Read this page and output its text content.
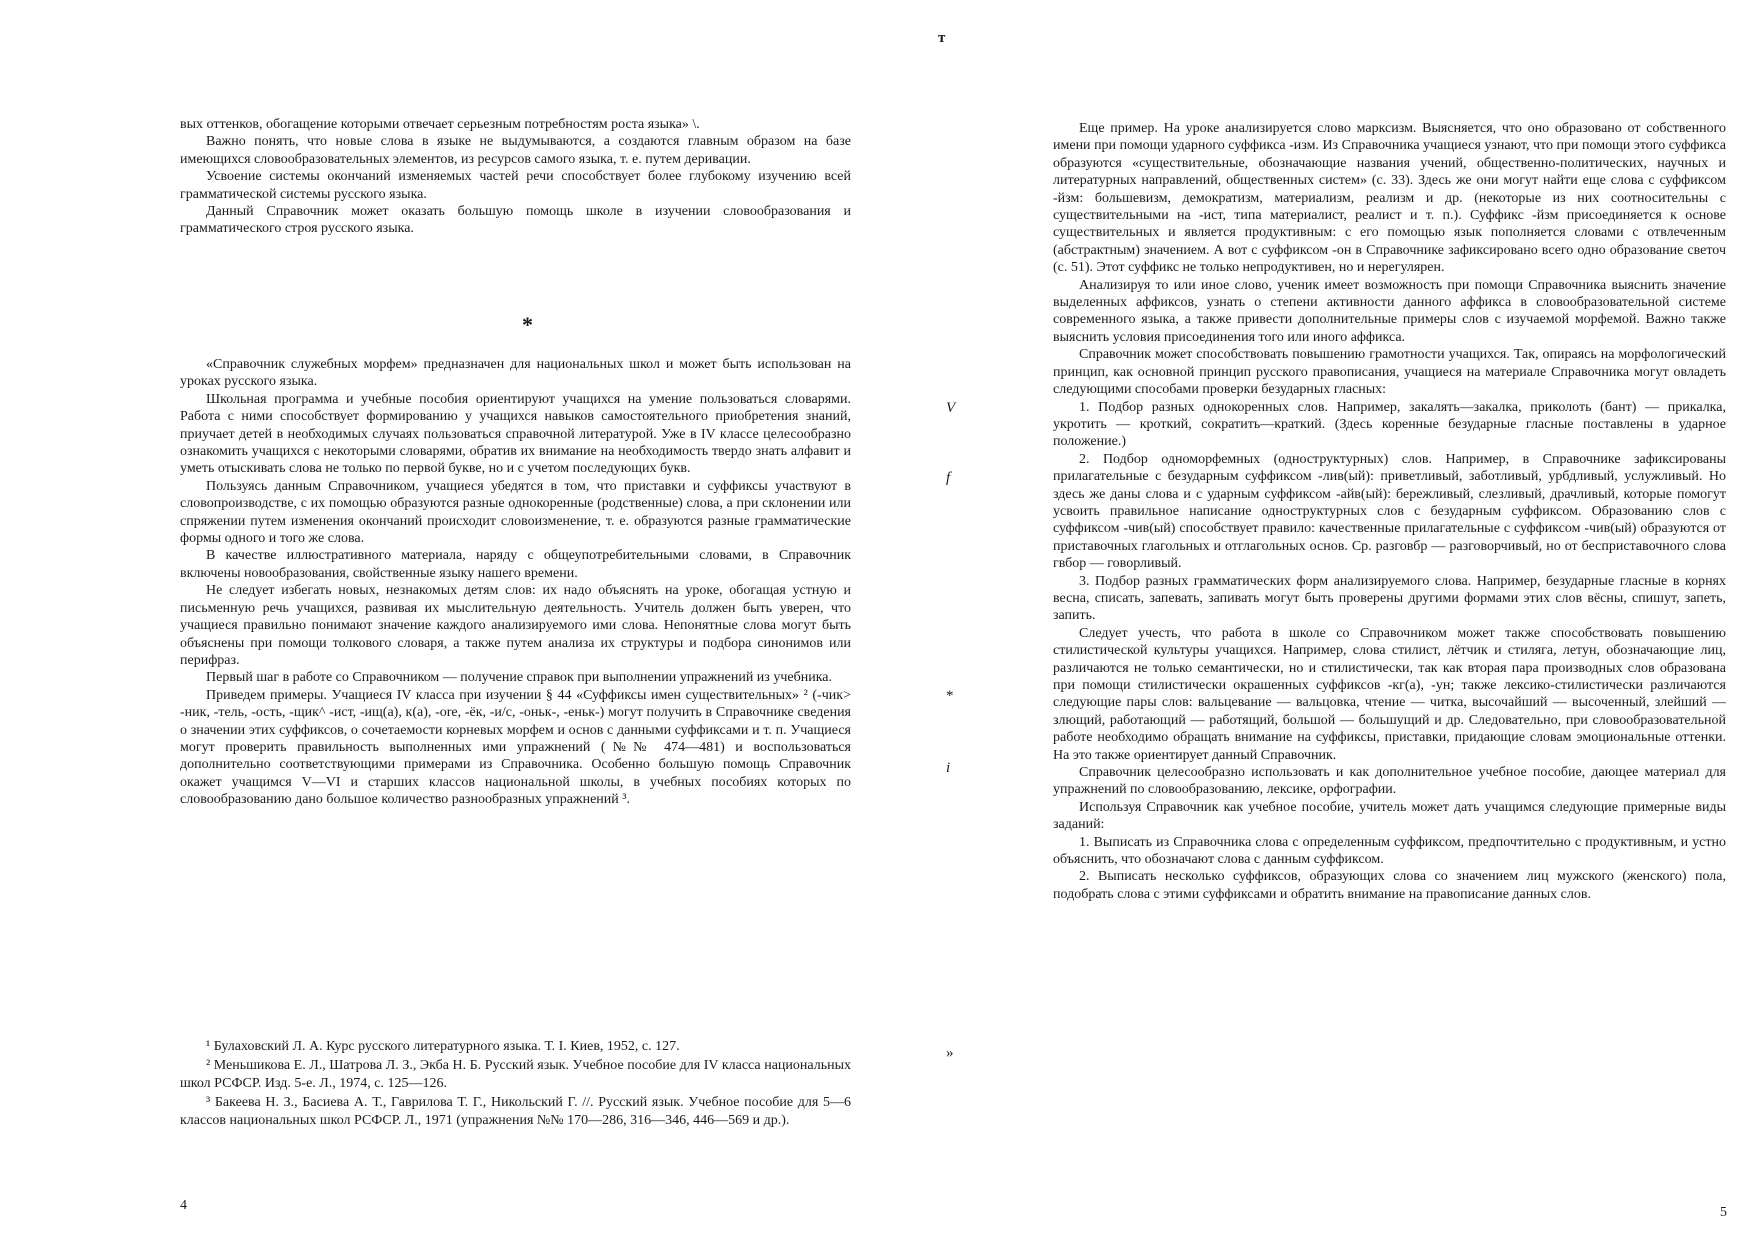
вых оттенков, обогащение которыми отвечает серьезным потребностям роста языка» \.

Важно понять, что новые слова в языке не выдумываются, а создаются главным образом на базе имеющихся словообразовательных элементов, из ресурсов самого языка, т. е. путем деривации.

Усвоение системы окончаний изменяемых частей речи способствует более глубокому изучению всей грамматической системы русского языка.

Данный Справочник может оказать большую помощь школе в изучении словообразования и грамматического строя русского языка.

*

«Справочник служебных морфем» предназначен для национальных школ и может быть использован на уроках русского языка.

Школьная программа и учебные пособия ориентируют учащихся на умение пользоваться словарями. Работа с ними способствует формированию у учащихся навыков самостоятельного приобретения знаний, приучает детей в необходимых случаях пользоваться справочной литературой. Уже в IV классе целесообразно ознакомить учащихся с некоторыми словарями, обратив их внимание на необходимость твердо знать алфавит и уметь отыскивать слова не только по первой букве, но и с учетом последующих букв.

Пользуясь данным Справочником, учащиеся убедятся в том, что приставки и суффиксы участвуют в словопроизводстве, с их помощью образуются разные однокоренные (родственные) слова, а при склонении или спряжении путем изменения окончаний происходит словоизменение, т. е. образуются разные грамматические формы одного и того же слова.

В качестве иллюстративного материала, наряду с общеупотребительными словами, в Справочник включены новообразования, свойственные языку нашего времени.

Не следует избегать новых, незнакомых детям слов: их надо объяснять на уроке, обогащая устную и письменную речь учащихся, развивая их мыслительную деятельность. Учитель должен быть уверен, что учащиеся правильно понимают значение каждого анализируемого ими слова. Непонятные слова могут быть объяснены при помощи толкового словаря, а также путем анализа их структуры и подбора синонимов или перифраз.

Первый шаг в работе со Справочником — получение справок при выполнении упражнений из учебника.

Приведем примеры. Учащиеся IV класса при изучении § 44 «Суффиксы имен существительных» ² (-чик> -ник, -тель, -ость, -щик^ -ист, -ищ(а), к(а), -ore, -ёк, -и/с, -оньк-, -еньк-) могут получить в Справочнике сведения о значении этих суффиксов, о сочетаемости корневых морфем и основ с данными суффиксами и т. п. Учащиеся могут проверить правильность выполненных ими упражнений (№№ 474—481) и воспользоваться дополнительно соответствующими примерами из Справочника. Особенно большую помощь Справочник окажет учащимся V—VI и старших классов национальной школы, в учебных пособиях которых по словообразованию дано большое количество разнообразных упражнений ³.

¹ Булаховский Л. А. Курс русского литературного языка. Т. I. Киев, 1952, с. 127.

² Меньшикова Е. Л., Шатрова Л. З., Экба Н. Б. Русский язык. Учебное пособие для IV класса национальных школ РСФСР. Изд. 5-е. Л., 1974, с. 125—126.

³ Бакеева Н. З., Басиева А. Т., Гаврилова Т. Г., Никольский Г. //. Русский язык. Учебное пособие для 5—6 классов национальных школ РСФСР. Л., 1971 (упражнения №№ 170—286, 316—346, 446—569 и др.).

4
т
V
f
*
i
»

Еще пример. На уроке анализируется слово марксизм. Выясняется, что оно образовано от собственного имени при помощи ударного суффикса -изм. Из Справочника учащиеся узнают, что при помощи этого суффикса образуются «существительные, обозначающие названия учений, общественно-политических, научных и литературных направлений, общественных систем» (с. 33). Здесь же они могут найти еще слова с суффиксом -йзм: большевизм, демократизм, материализм, реализм и др. (некоторые из них соотносительны с существительными на -ист, типа материалист, реалист и т. п.). Суффикс -йзм присоединяется к основе существительных и является продуктивным: с его помощью язык пополняется словами с отвлеченным (абстрактным) значением. А вот с суффиксом -он в Справочнике зафиксировано всего одно образование светоч (с. 51). Этот суффикс не только непродуктивен, но и нерегулярен.

Анализируя то или иное слово, ученик имеет возможность при помощи Справочника выяснить значение выделенных аффиксов, узнать о степени активности данного аффикса в словообразовательной системе современного языка, а также привести дополнительные примеры слов с изучаемой морфемой. Важно также выяснить условия присоединения того или иного аффикса.

Справочник может способствовать повышению грамотности учащихся. Так, опираясь на морфологический принцип, как основной принцип русского правописания, учащиеся на материале Справочника могут овладеть следующими способами проверки безударных гласных:

1. Подбор разных однокоренных слов. Например, закалять—закалка, приколоть (бант) — прикалка, укротить — кроткий, сократить—краткий. (Здесь коренные безударные гласные поставлены в ударное положение.)

2. Подбор одноморфемных (одноструктурных) слов. Например, в Справочнике зафиксированы прилагательные с безударным суффиксом -лив(ый): приветливый, заботливый, урбдливый, услужливый. Но здесь же даны слова и с ударным суффиксом -айв(ый): бережливый, слезливый, драчливый, которые помогут усвоить правильное написание одноструктурных слов с безударным суффиксом. Образованию слов с суффиксом -чив(ый) способствует правило: качественные прилагательные с суффиксом -чив(ый) образуются от приставочных глагольных и отглагольных основ. Ср. разговбр — разговорчивый, но от бесприставочного слова гвбор — говорливый.

3. Подбор разных грамматических форм анализируемого слова. Например, безударные гласные в корнях весна, списать, запевать, запивать могут быть проверены другими формами этих слов вёсны, спишут, запеть, запить.

Следует учесть, что работа в школе со Справочником может также способствовать повышению стилистической культуры учащихся. Например, слова стилист, лётчик и стиляга, летун, обозначающие лиц, различаются не только семантически, но и стилистически, так как вторая пара производных слов образована при помощи стилистически окрашенных суффиксов -кг(а), -ун; также лексико-стилистически различаются следующие пары слов: вальцевание — вальцовка, чтение — читка, высочайший — высоченный, злейший — злющий, работающий — работящий, большой — большущий и др. Следовательно, при словообразовательной работе необходимо обращать внимание на суффиксы, приставки, придающие словам эмоциональные оттенки. На это также ориентирует данный Справочник.

Справочник целесообразно использовать и как дополнительное учебное пособие, дающее материал для упражнений по словообразованию, лексике, орфографии.

Используя Справочник как учебное пособие, учитель может дать учащимся следующие примерные виды заданий:

1. Выписать из Справочника слова с определенным суффиксом, предпочтительно с продуктивным, и устно объяснить, что обозначают слова с данным суффиксом.

2. Выписать несколько суффиксов, образующих слова со значением лиц мужского (женского) пола, подобрать слова с этими суффиксами и обратить внимание на правописание данных слов.

5
